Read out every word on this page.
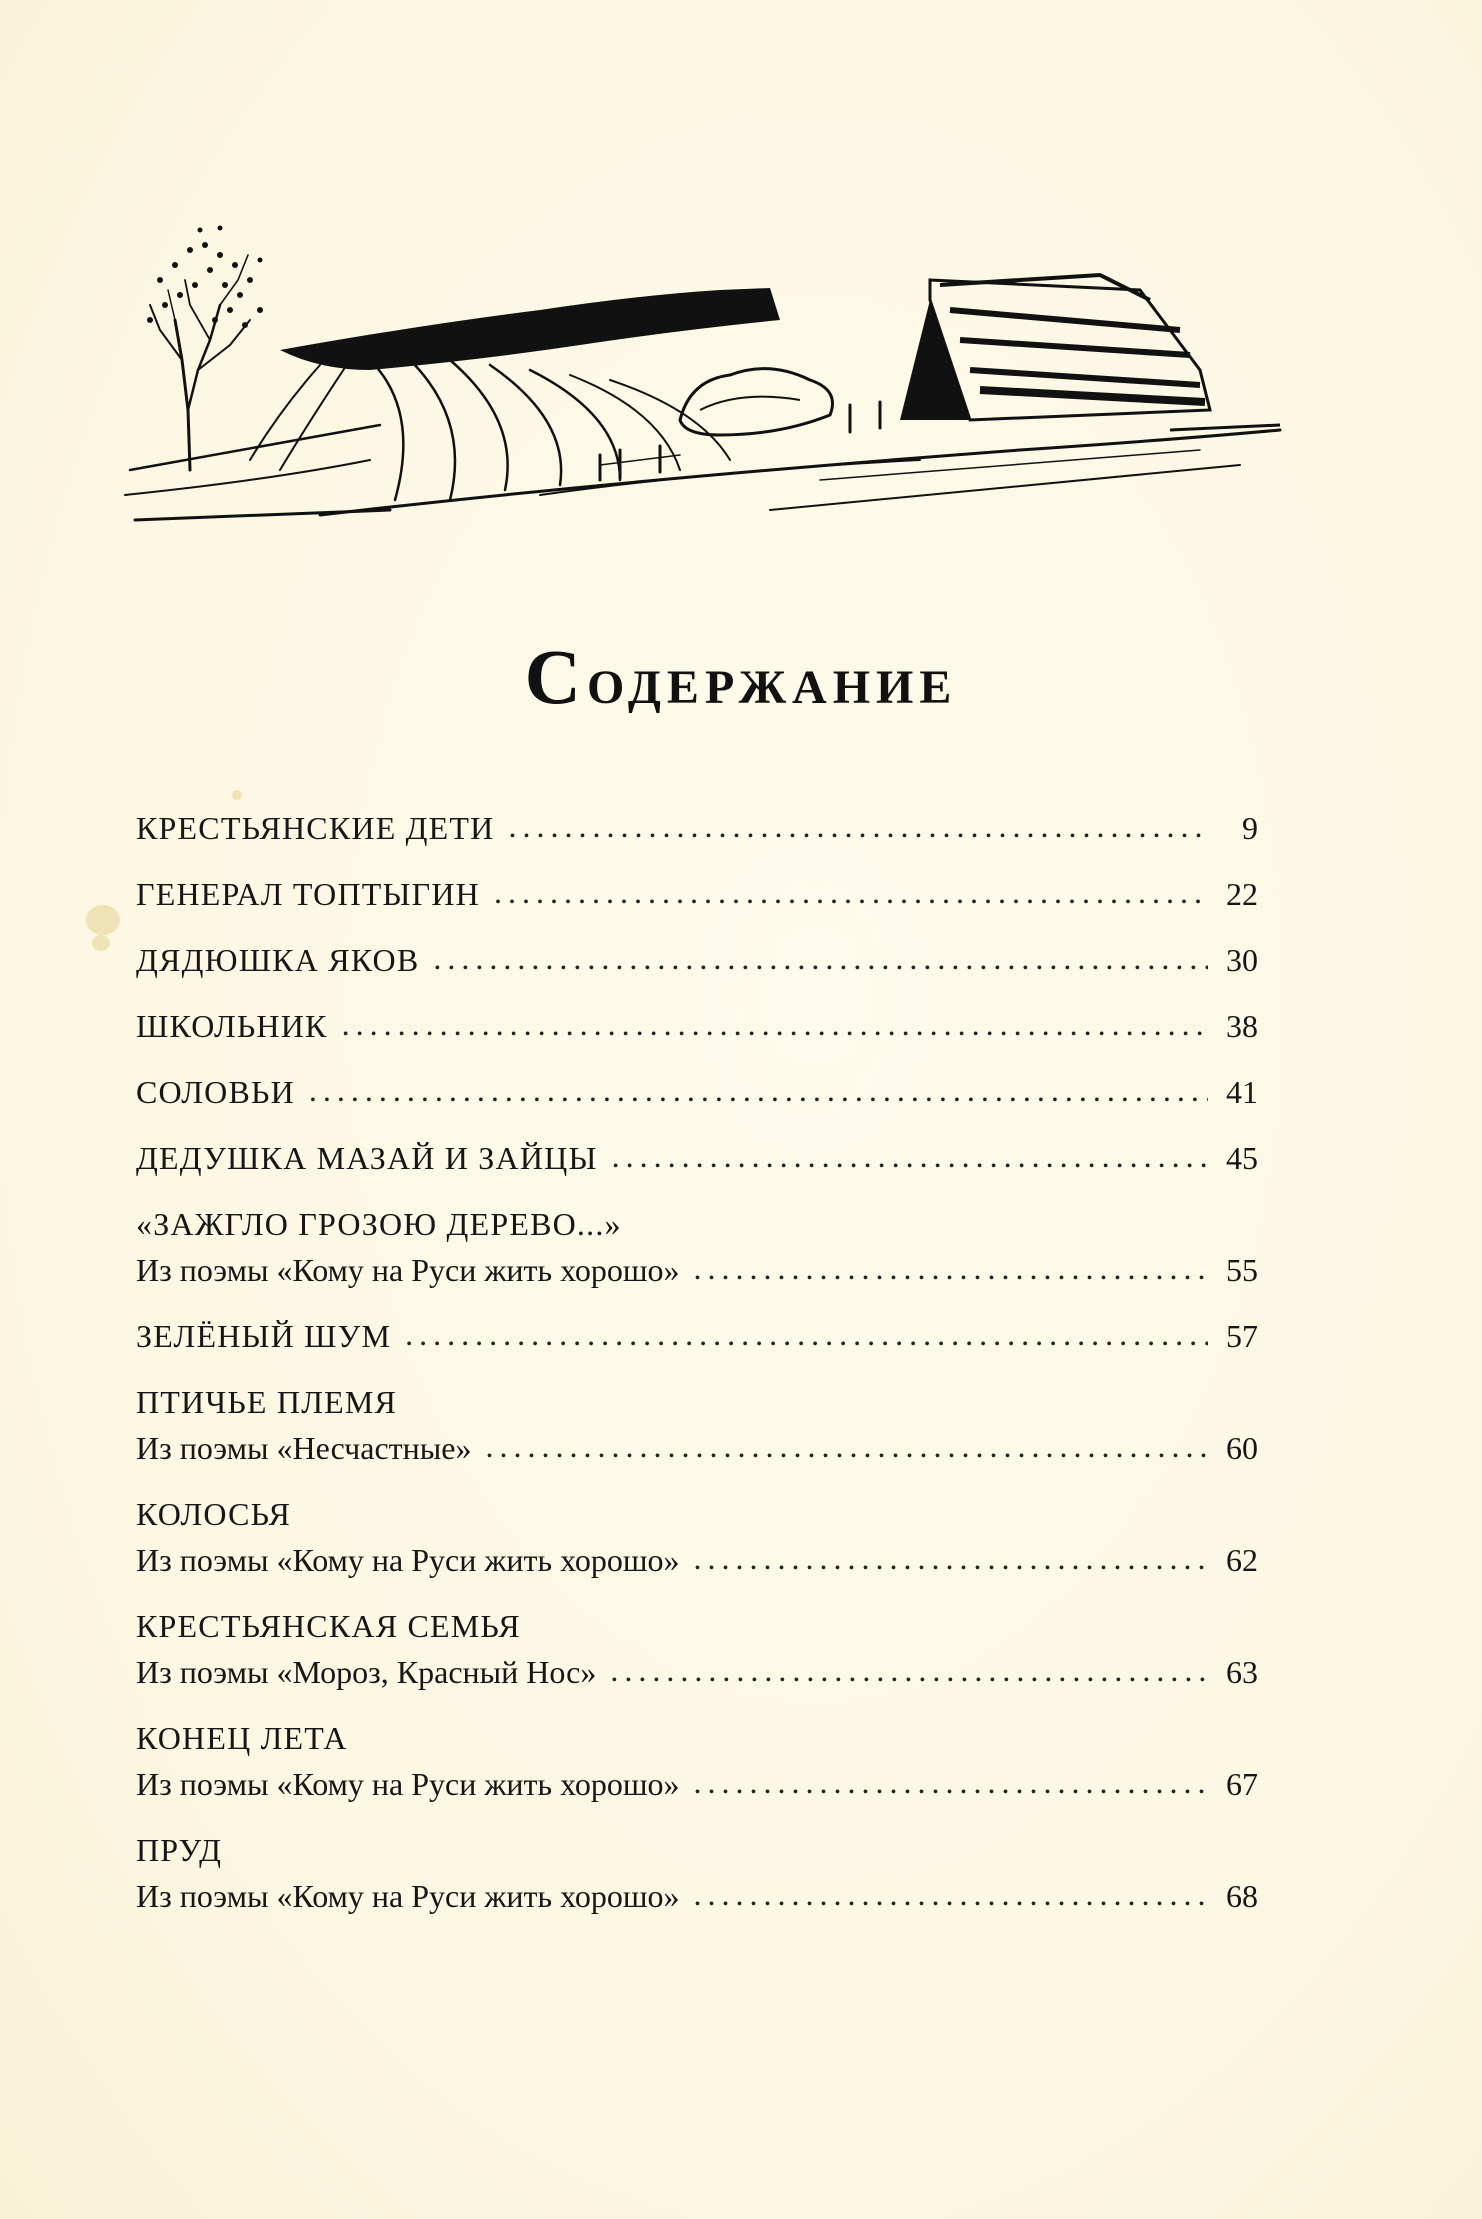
Содержание
КРЕСТЬЯНСКИЕ ДЕТИ .....	9
ГЕНЕРАЛ ТОПТЫГИН .....	22
ДЯДЮШКА ЯКОВ .....	30
ШКОЛЬНИК .....	38
СОЛОВЬИ .....	41
ДЕДУШКА МАЗАЙ И ЗАЙЦЫ .....	45
«ЗАЖГЛО ГРОЗОЮ ДЕРЕВО...»
Из поэмы «Кому на Руси жить хорошо» .....	55
ЗЕЛЁНЫЙ ШУМ .....	57
ПТИЧЬЕ ПЛЕМЯ
Из поэмы «Несчастные» .....	60
КОЛОСЬЯ
Из поэмы «Кому на Руси жить хорошо» .....	62
КРЕСТЬЯНСКАЯ СЕМЬЯ
Из поэмы «Мороз, Красный Нос» .....	63
КОНЕЦ ЛЕТА
Из поэмы «Кому на Руси жить хорошо» .....	67
ПРУД
Из поэмы «Кому на Руси жить хорошо» .....	68
